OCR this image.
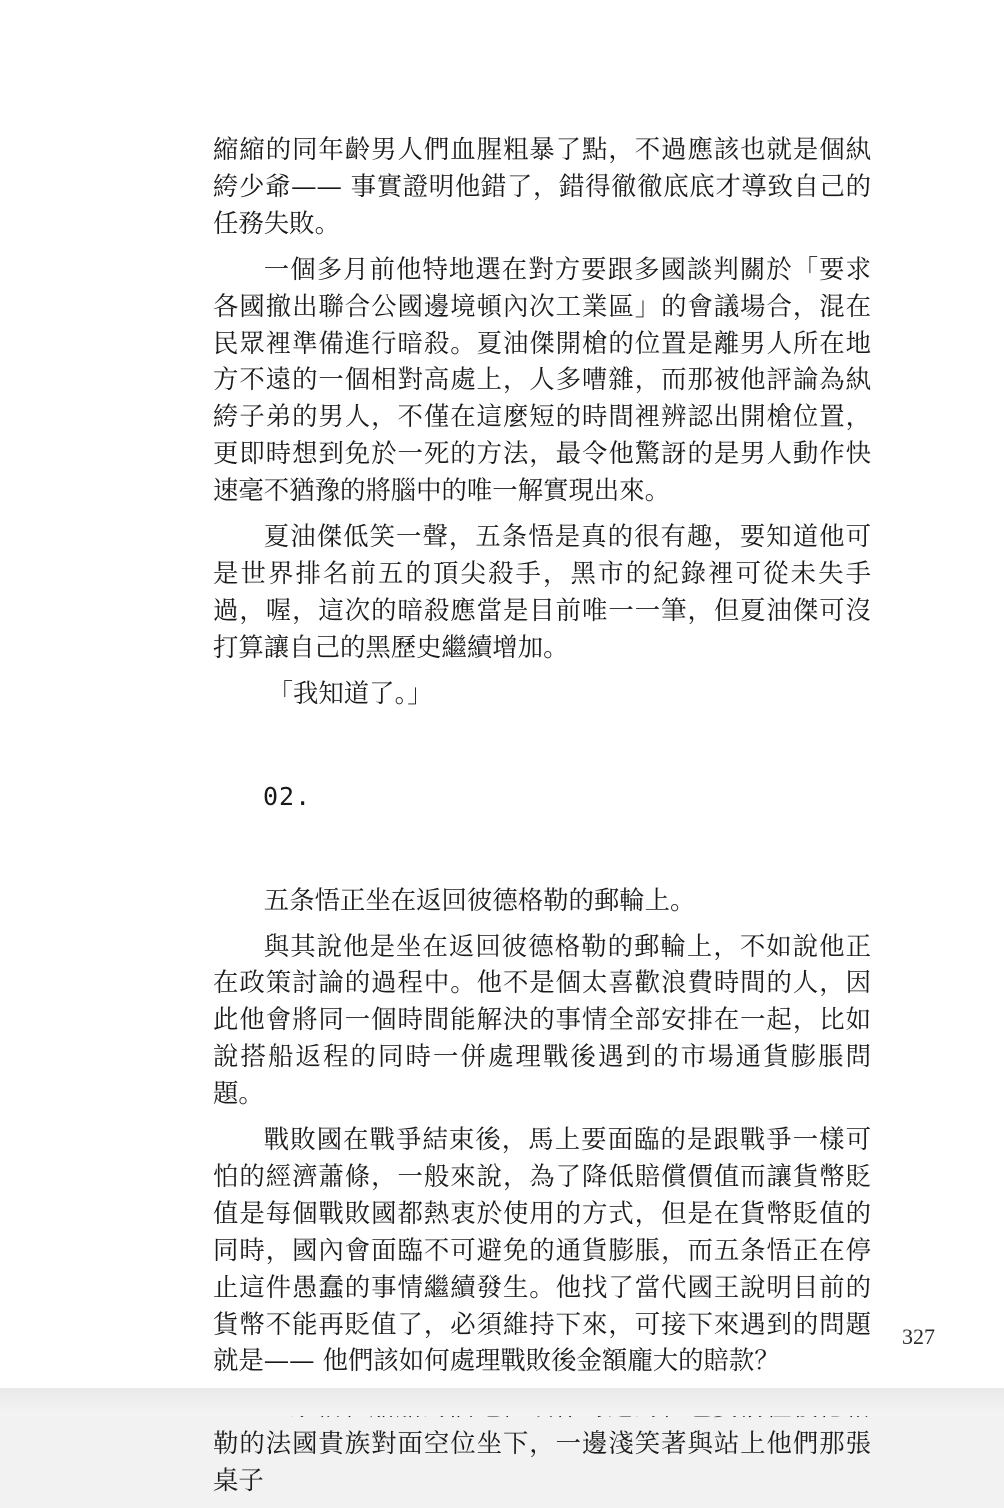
縮縮的同年齡男人們血腥粗暴了點，不過應該也就是個紈絝少爺—— 事實證明他錯了，錯得徹徹底底才導致自己的任務失敗。

一個多月前他特地選在對方要跟多國談判關於「要求各國撤出聯合公國邊境頓內次工業區」的會議場合，混在民眾裡準備進行暗殺。夏油傑開槍的位置是離男人所在地方不遠的一個相對高處上，人多嘈雜，而那被他評論為紈絝子弟的男人，不僅在這麼短的時間裡辨認出開槍位置，更即時想到免於一死的方法，最令他驚訝的是男人動作快速毫不猶豫的將腦中的唯一解實現出來。

夏油傑低笑一聲，五条悟是真的很有趣，要知道他可是世界排名前五的頂尖殺手，黑市的紀錄裡可從未失手過，喔，這次的暗殺應當是目前唯一一筆，但夏油傑可沒打算讓自己的黑歷史繼續增加。

「我知道了。」

02.

五条悟正坐在返回彼德格勒的郵輪上。

與其說他是坐在返回彼德格勒的郵輪上，不如說他正在政策討論的過程中。他不是個太喜歡浪費時間的人，因此他會將同一個時間能解決的事情全部安排在一起，比如說搭船返程的同時一併處理戰後遇到的市場通貨膨脹問題。

戰敗國在戰爭結束後，馬上要面臨的是跟戰爭一樣可怕的經濟蕭條，一般來說，為了降低賠償價值而讓貨幣貶值是每個戰敗國都熱衷於使用的方式，但是在貨幣貶值的同時，國內會面臨不可避免的通貨膨脹，而五条悟正在停止這件愚蠢的事情繼續發生。他找了當代國王說明目前的貨幣不能再貶值了，必須維持下來，可接下來遇到的問題就是—— 他們該如何處理戰敗後金額龐大的賠款？

勒的法國貴族對面空位坐下，一邊淺笑著與站上他們那張桌子

327
